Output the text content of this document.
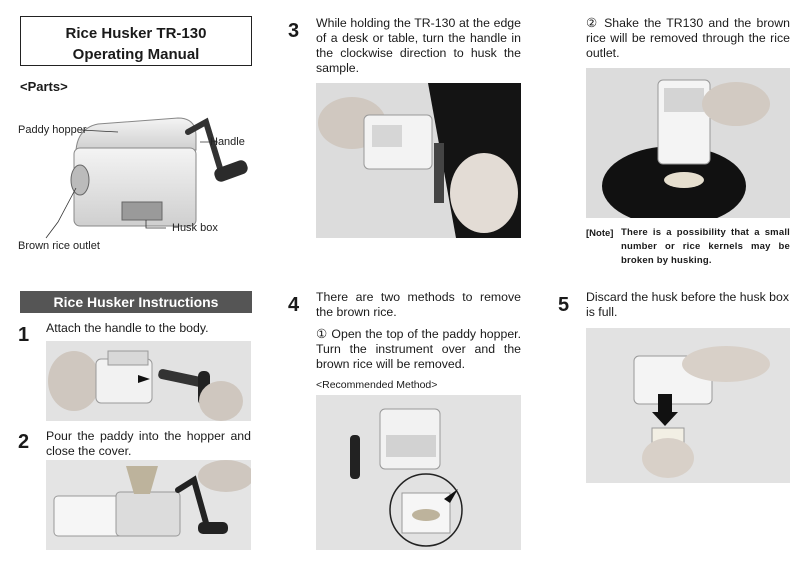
Rice Husker TR-130
Operating Manual
<Parts>
Paddy hopper
Handle
Husk box
Brown rice outlet
Rice Husker Instructions
1 Attach the handle to the body.
2 Pour the paddy into the hopper and close the cover.
3 While holding the TR-130 at the edge of a desk or table, turn the handle in the clockwise direction to husk the sample.
4 There are two methods to remove the brown rice.
① Open the top of the paddy hopper. Turn the instrument over and the brown rice will be removed.
<Recommended Method>
② Shake the TR130 and the brown rice will be removed through the rice outlet.
[Note] There is a possibility that a small number or rice kernels may be broken by husking.
5 Discard the husk before the husk box is full.
